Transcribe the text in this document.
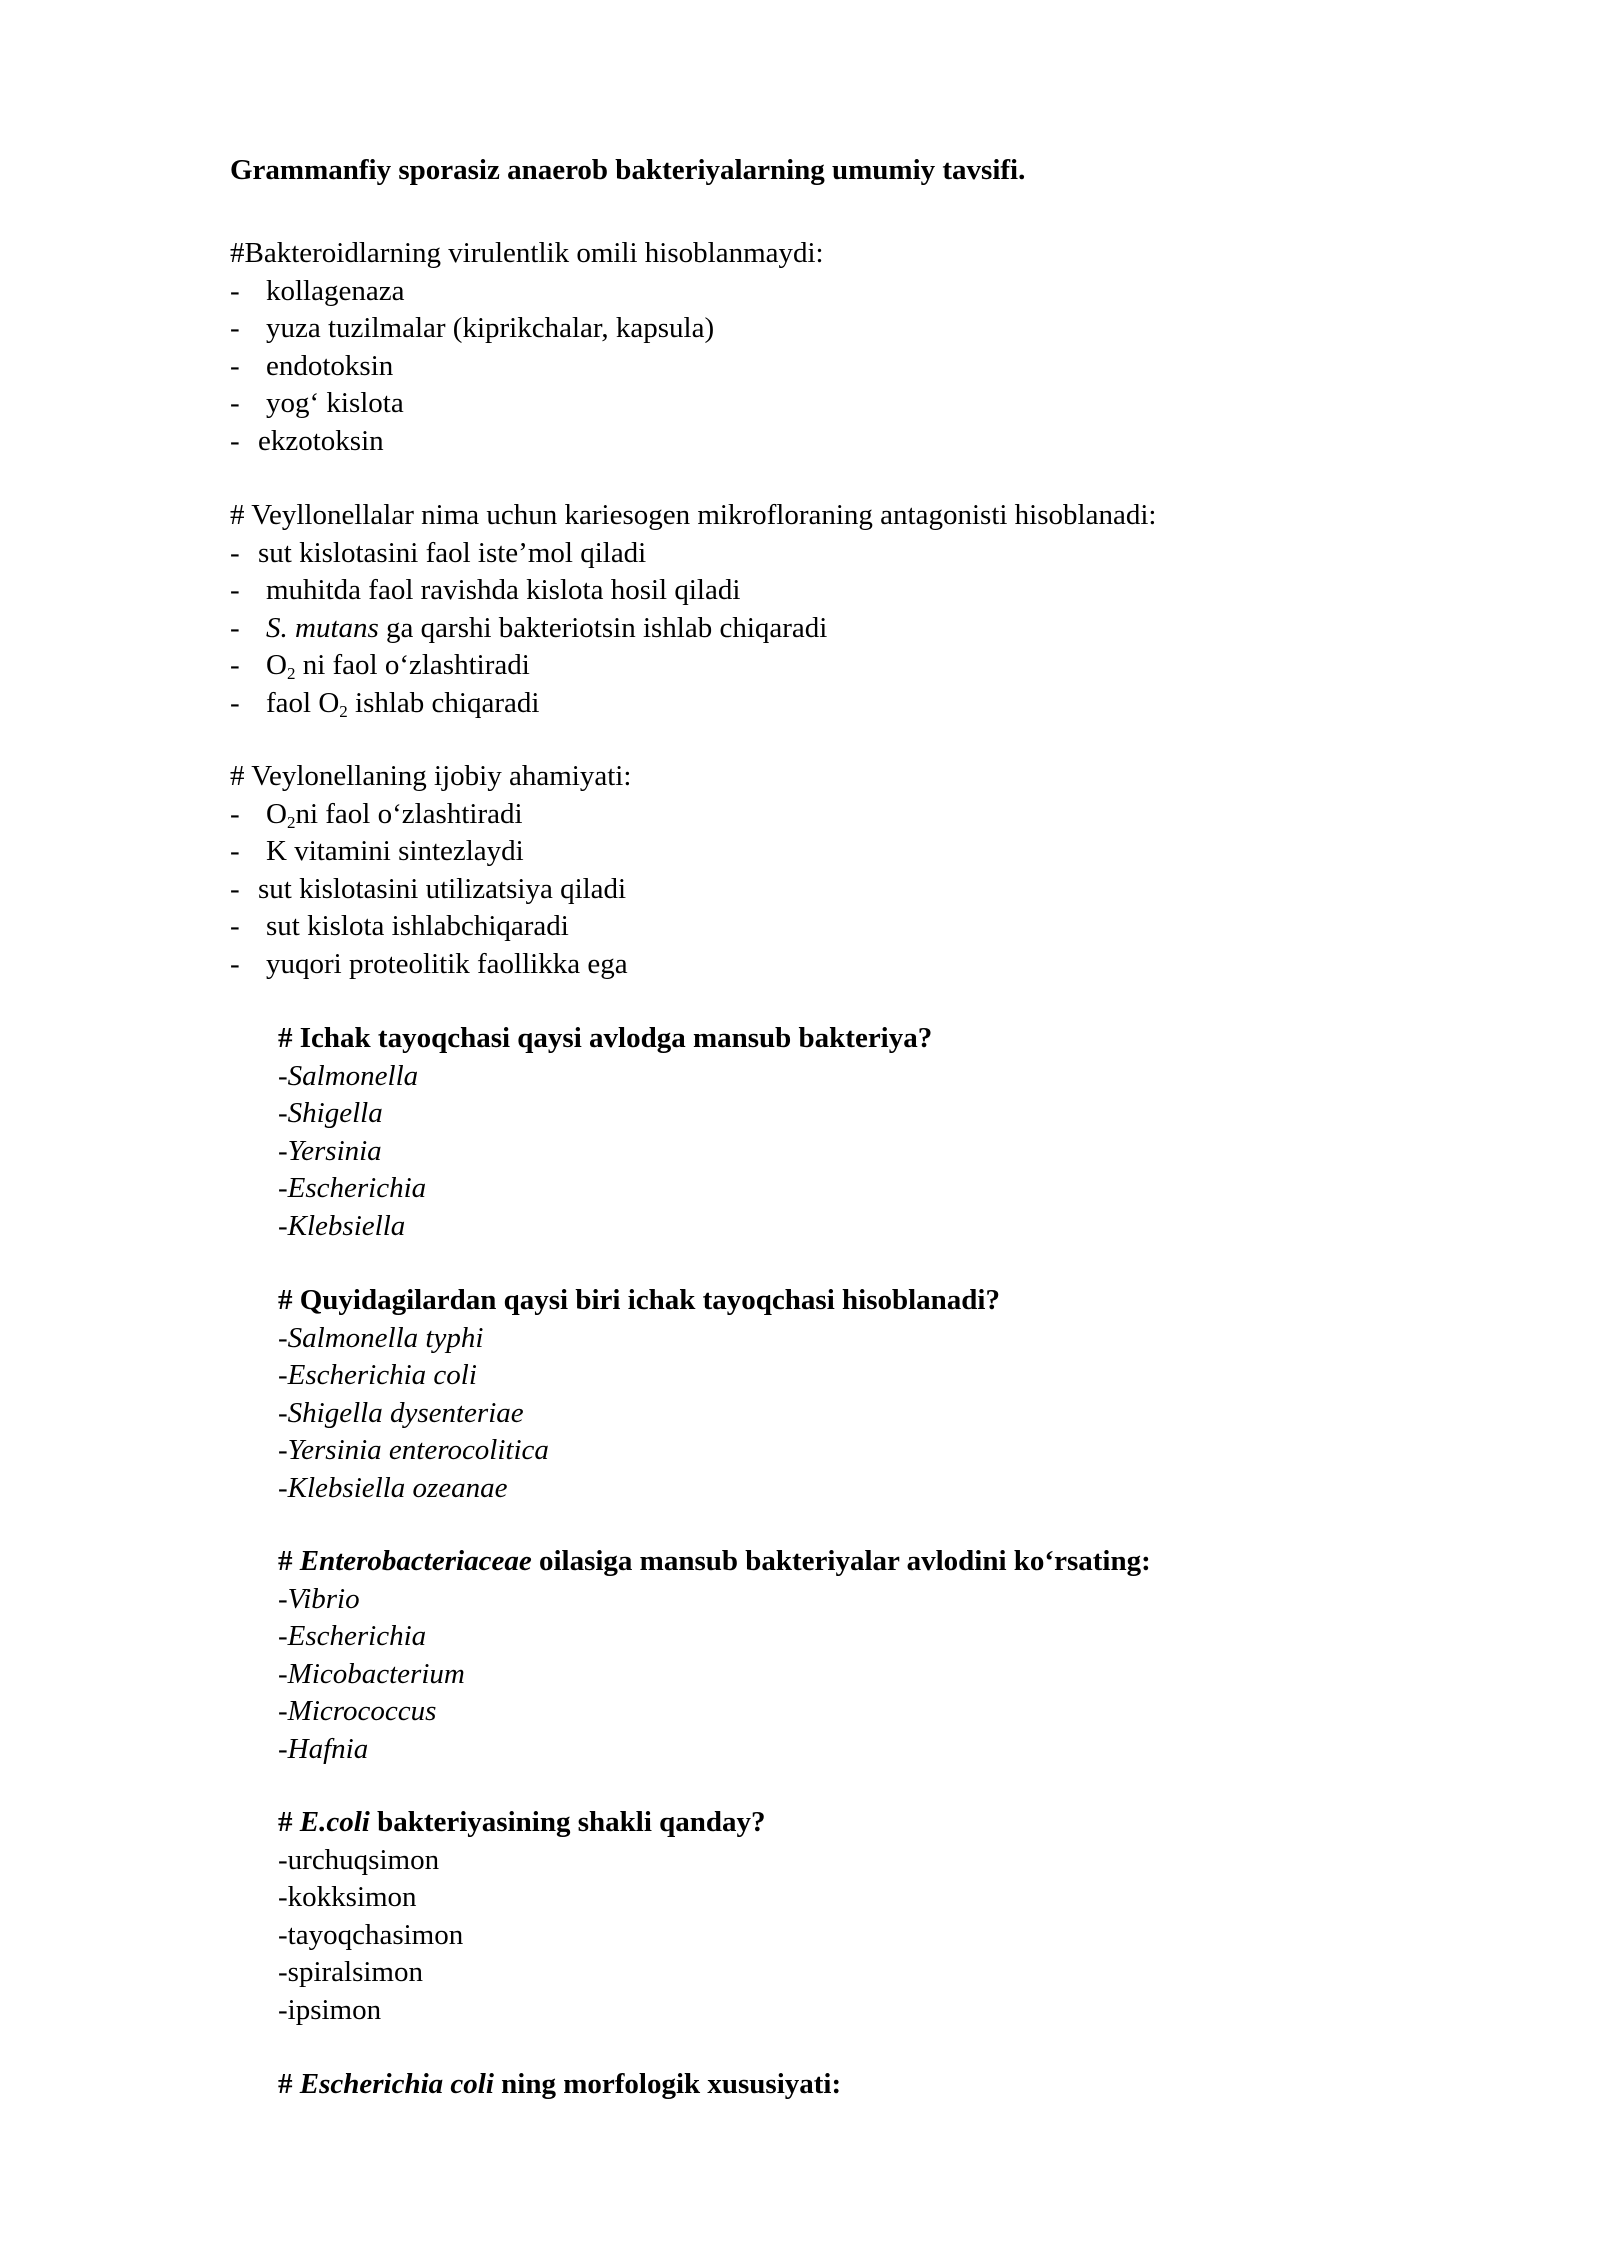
Grammanfiy sporasiz anaerob bakteriyalarning umumiy tavsifi.
#Bakteroidlarning virulentlik omili hisoblanmaydi:
- kollagenaza
- yuza tuzilmalar (kiprikchalar, kapsula)
- endotoksin
- yog‘ kislota
- ekzotoksin
# Veyllonellalar nima uchun kariesogen mikrofloraning antagonisti hisoblanadi:
- sut kislotasini faol iste’mol qiladi
- muhitda faol ravishda kislota hosil qiladi
- S. mutans ga qarshi bakteriotsin ishlab chiqaradi
- $O_2$ ni faol o‘zlashtiradi
- faol $O_2$ ishlab chiqaradi
# Veylonellaning ijobiy ahamiyati:
- $O_2ni$ faol o‘zlashtiradi
- K vitamini sintezlaydi
- sut kislotasini utilizatsiya qiladi
- sut kislota ishlabchiqaradi
- yuqori proteolitik faollikka ega
# Ichak tayoqchasi qaysi avlodga mansub bakteriya?
-Salmonella
-Shigella
-Yersinia
-Escherichia
-Klebsiella
# Quyidagilardan qaysi biri ichak tayoqchasi hisoblanadi?
-Salmonella typhi
-Escherichia coli
-Shigella dysenteriae
-Yersinia enterocolitica
-Klebsiella ozeanae
# Enterobacteriaceae oilasiga mansub bakteriyalar avlodini ko‘rsating:
-Vibrio
-Escherichia
-Micobacterium
-Micrococcus
-Hafnia
# E.coli bakteriyasining shakli qanday?
-urchuqsimon
-kokksimon
-tayoqchasimon
-spiralsimon
-ipsimon
# Escherichia coli ning morfologik xususiyati:
